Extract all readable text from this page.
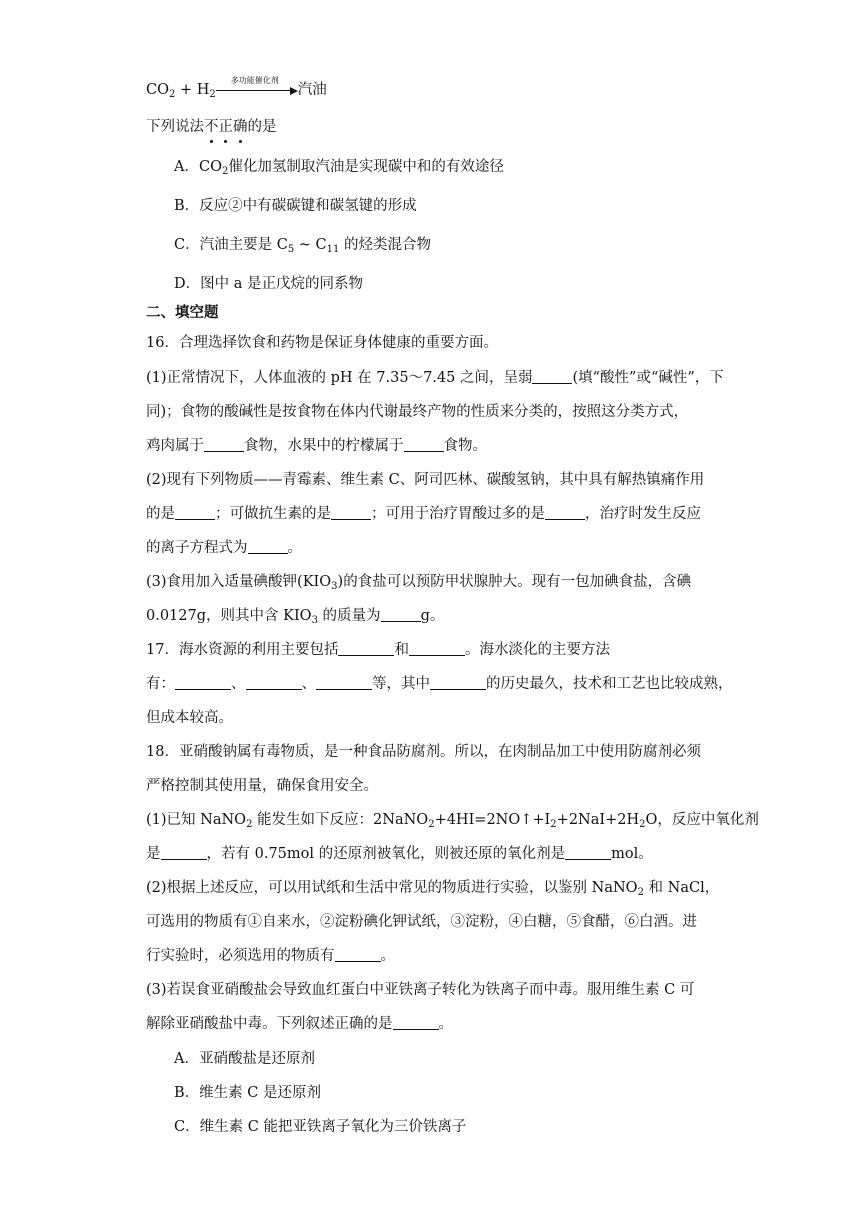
$CO_2 + H_2$
多功能催化剂
汽油
下列说法不正确的是
A．$CO_2$催化加氢制取汽油是实现碳中和的有效途径
B．反应②中有碳碳键和碳氢键的形成
C．汽油主要是 $C_5$ ~ $C_{11}$ 的烃类混合物
D．图中 a 是正戊烷的同系物
二、填空题
16．合理选择饮食和药物是保证身体健康的重要方面。
(1)正常情况下，人体血液的 pH 在 7.35～7.45 之间，呈弱	(填“酸性”或“碱性”，下
同)；食物的酸碱性是按食物在体内代谢最终产物的性质来分类的，按照这分类方式，
鸡肉属于	食物，水果中的柠檬属于	食物。
(2)现有下列物质——青霉素、维生素 C、阿司匹林、碳酸氢钠，其中具有解热镇痛作用
的是	；可做抗生素的是	；可用于治疗胃酸过多的是	，治疗时发生反应
的离子方程式为	。
(3)食用加入适量碘酸钾$(KIO_3)$的食盐可以预防甲状腺肿大。现有一包加碘食盐，含碘
0.0127g，则其中含 $KIO_3$ 的质量为	g。
17．海水资源的利用主要包括	和	。海水淡化的主要方法
有：	、	、	等，其中	的历史最久，技术和工艺也比较成熟，
但成本较高。
18．亚硝酸钠属有毒物质，是一种食品防腐剂。所以，在肉制品加工中使用防腐剂必须
严格控制其使用量，确保食用安全。
(1)已知 NaNO$_2$ 能发生如下反应：$2NaNO_2+4HI=2NO↑+I_2+2NaI+2H_2O$，反应中氧化剂
是	，若有 0.75mol 的还原剂被氧化，则被还原的氧化剂是	mol。
(2)根据上述反应，可以用试纸和生活中常见的物质进行实验，以鉴别 NaNO$_2$ 和 NaCl，
可选用的物质有①自来水，②淀粉碘化钾试纸，③淀粉，④白糖，⑤食醋，⑥白酒。进
行实验时，必须选用的物质有	。
(3)若误食亚硝酸盐会导致血红蛋白中亚铁离子转化为铁离子而中毒。服用维生素 C 可
解除亚硝酸盐中毒。下列叙述正确的是	。
A．亚硝酸盐是还原剂
B．维生素 C 是还原剂
C．维生素 C 能把亚铁离子氧化为三价铁离子
